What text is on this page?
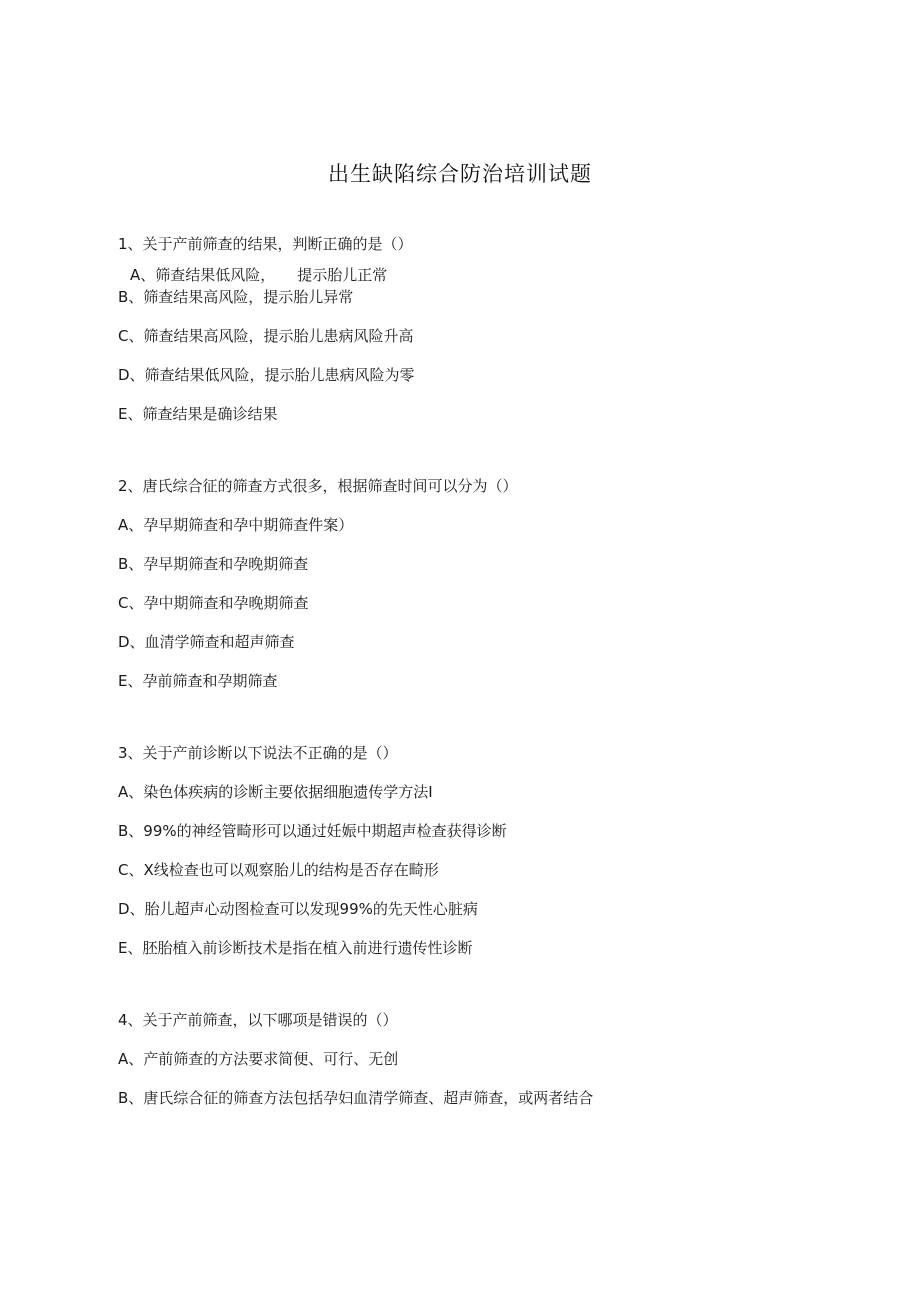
出生缺陷综合防治培训试题
1、关于产前筛查的结果，判断正确的是（）
A、筛查结果低风险， 提示胎儿正常
B、筛查结果高风险，提示胎儿异常
C、筛查结果高风险，提示胎儿患病风险升高
D、筛查结果低风险，提示胎儿患病风险为零
E、筛查结果是确诊结果
2、唐氏综合征的筛查方式很多，根据筛查时间可以分为（）
A、孕早期筛查和孕中期筛查件案）
B、孕早期筛查和孕晚期筛查
C、孕中期筛查和孕晚期筛查
D、血清学筛查和超声筛查
E、孕前筛查和孕期筛查
3、关于产前诊断以下说法不正确的是（）
A、染色体疾病的诊断主要依据细胞遗传学方法I
B、99%的神经管畸形可以通过妊娠中期超声检查获得诊断
C、X线检查也可以观察胎儿的结构是否存在畸形
D、胎儿超声心动图检查可以发现99%的先天性心脏病
E、胚胎植入前诊断技术是指在植入前进行遗传性诊断
4、关于产前筛查，以下哪项是错误的（）
A、产前筛查的方法要求简便、可行、无创
B、唐氏综合征的筛查方法包括孕妇血清学筛查、超声筛查，或两者结合
